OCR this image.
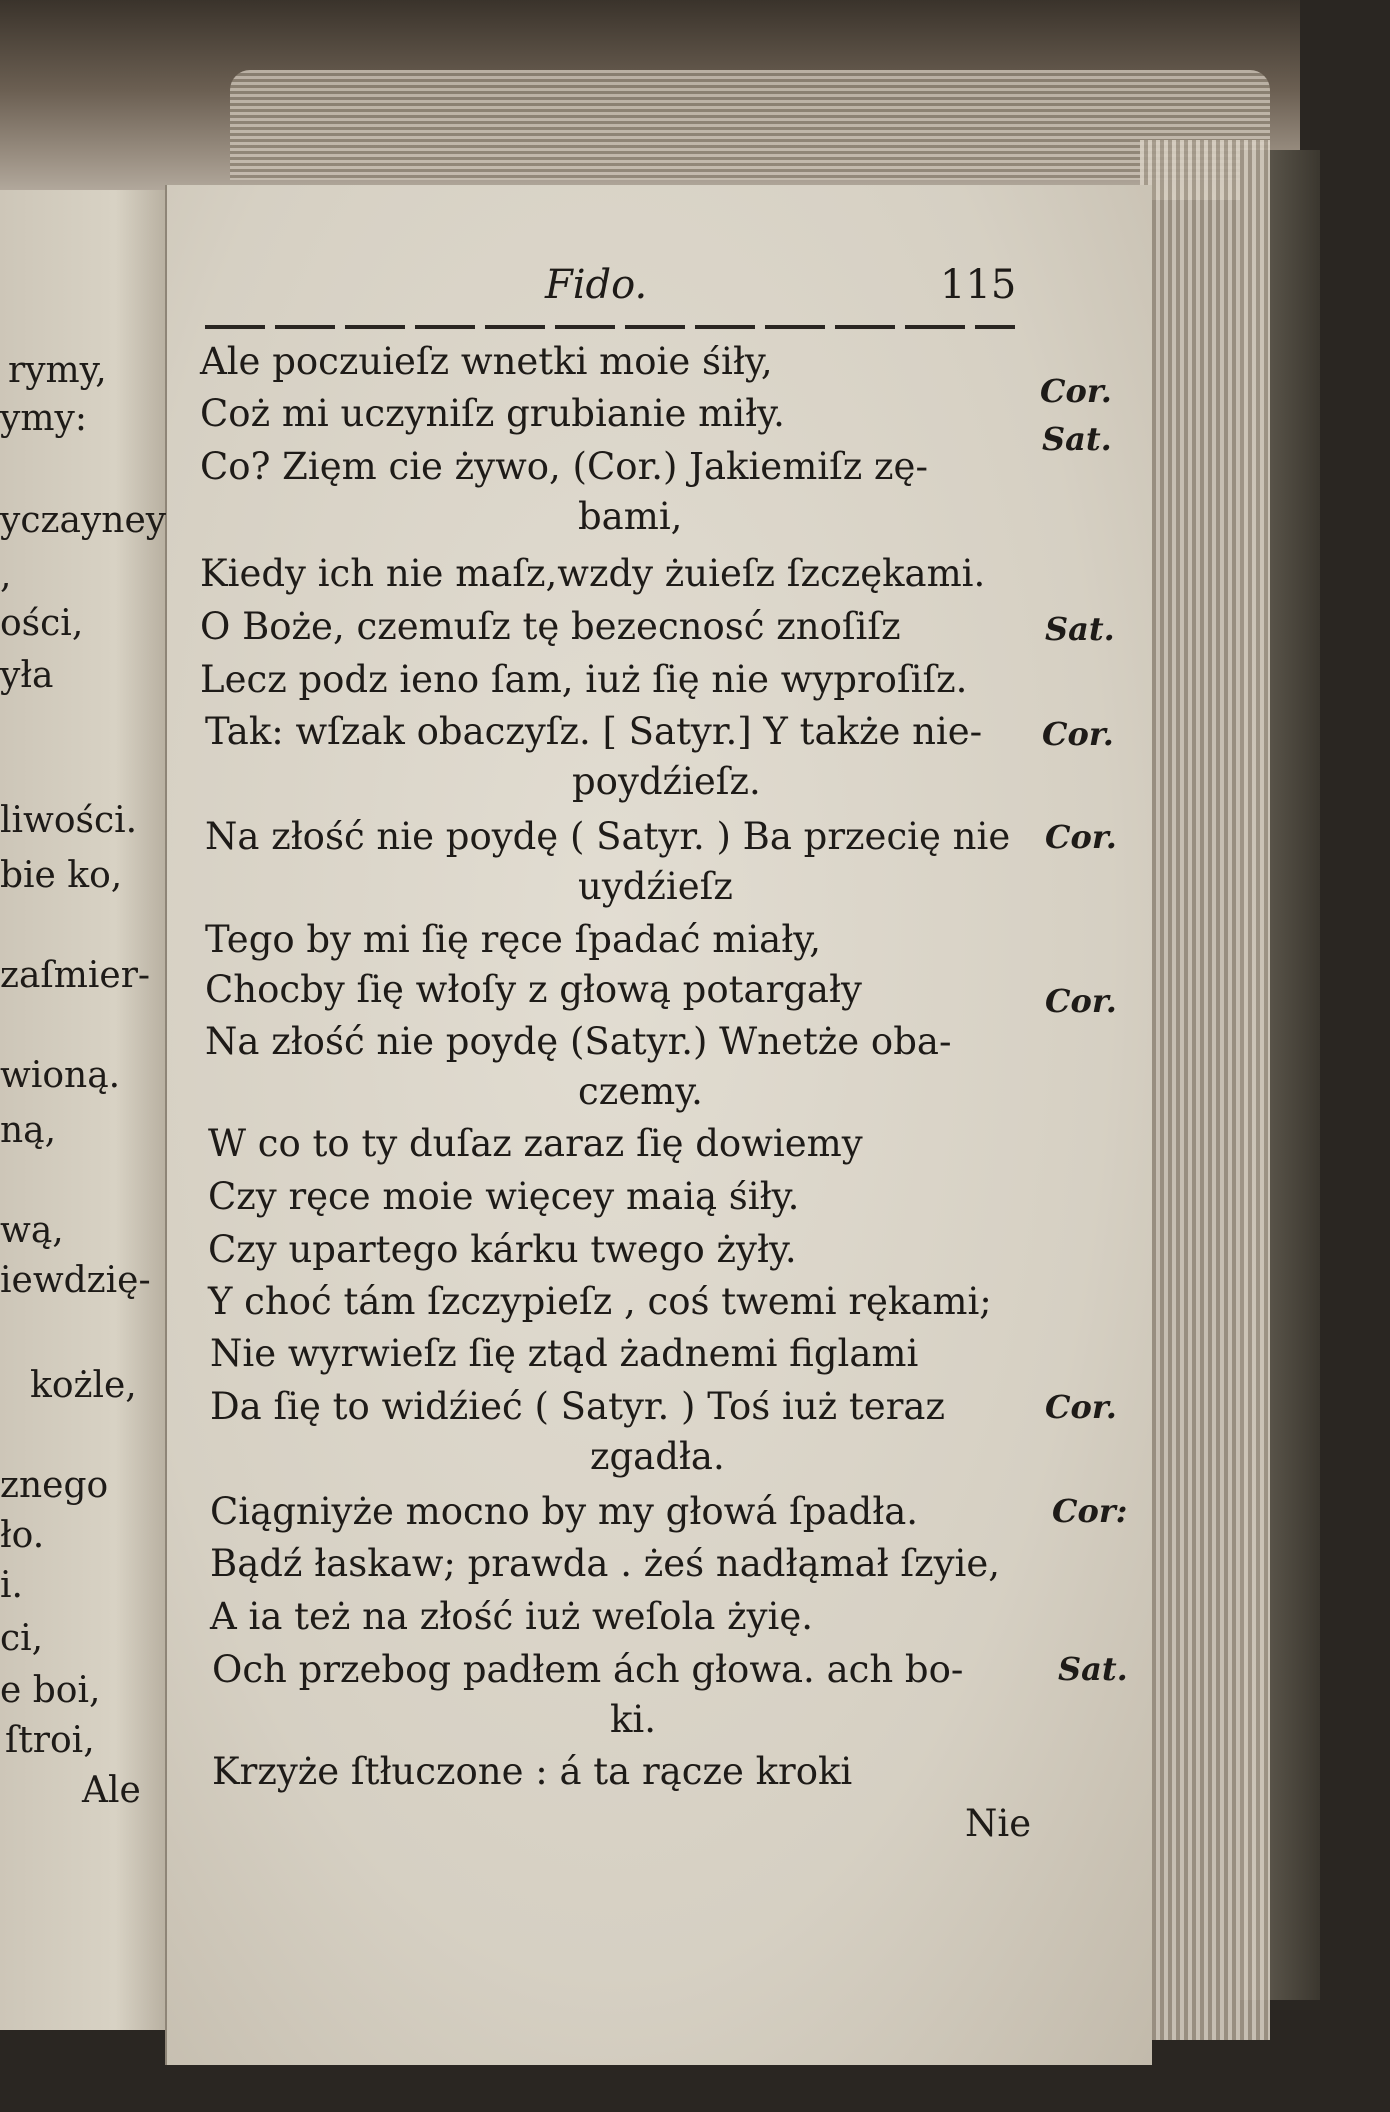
rymy,
ymy:
yczayney
,
ości,
yła
liwości.
bie ko,
zaſmier-
wioną.
ną,
wą,
iewdzię-
kożle,
znego
ło.
i.
ci,
e boi,
ſtroi,
Ale
Fido.	115
Ale poczuieſz wnetki moie śiły,
Coż mi uczyniſz grubianie miły.
Co? Zięm cie żywo, (Cor.) Jakiemiſz zę-
bami,
Kiedy ich nie maſz,wzdy żuieſz ſzczękami.
O Boże, czemuſz tę bezecnosć znoſiſz
Lecz podz ieno ſam, iuż ſię nie wyproſiſz.
Tak: wſzak obaczyſz. [ Satyr.] Y także nie-
poydźieſz.
Na złość nie poydę ( Satyr. ) Ba przecię nie
uydźieſz
Tego by mi ſię ręce ſpadać miały,
Chocby ſię włoſy z głową potargały
Na złość nie poydę (Satyr.) Wnetże oba-
czemy.
W co to ty duſaz zaraz ſię dowiemy
Czy ręce moie więcey maią śiły.
Czy upartego kárku twego żyły.
Y choć tám ſzczypieſz , coś twemi rękami;
Nie wyrwieſz ſię ztąd żadnemi figlami
Da ſię to widźieć ( Satyr. ) Toś iuż teraz
zgadła.
Ciągniyże mocno by my głowá ſpadła.
Bądź łaskaw; prawda . żeś nadłąmał ſzyie,
A ia też na złość iuż weſola żyię.
Och przebog padłem ách głowa. ach bo-
ki.
Krzyże ſtłuczone : á ta rącze kroki
Nie
Cor.
Sat.
Sat.
Cor.
Cor.
Cor.
Cor.
Cor:
Sat.
